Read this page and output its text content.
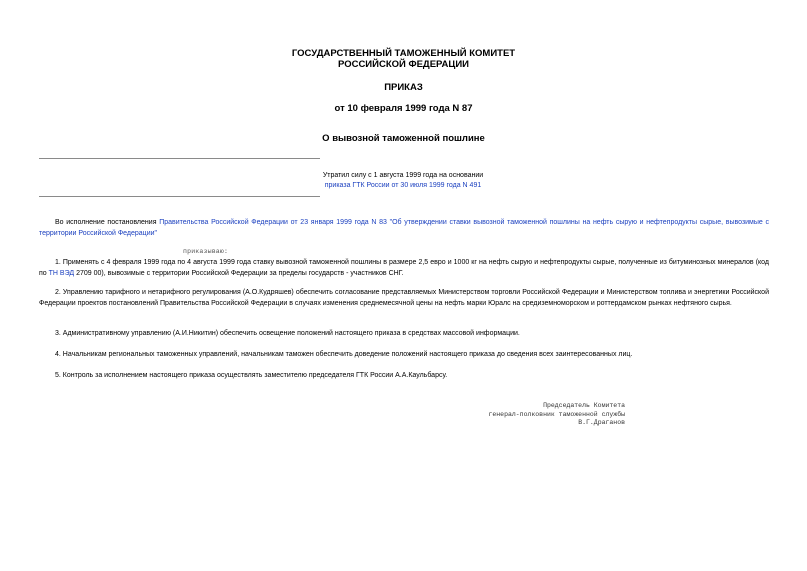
ГОСУДАРСТВЕННЫЙ ТАМОЖЕННЫЙ КОМИТЕТ
РОССИЙСКОЙ ФЕДЕРАЦИИ
ПРИКАЗ
от 10 февраля 1999 года N 87
О вывозной таможенной пошлине
Утратил силу с 1 августа 1999 года на основании
приказа ГТК России от 30 июля 1999 года N 491
Во исполнение постановления Правительства Российской Федерации от 23 января 1999 года N 83 "Об утверждении ставки вывозной таможенной пошлины на нефть сырую и нефтепродукты сырые, вывозимые с территории Российской Федерации"
приказываю:
1. Применять с 4 февраля 1999 года по 4 августа 1999 года ставку вывозной таможенной пошлины в размере 2,5 евро и 1000 кг на нефть сырую и нефтепродукты сырые, полученные из битуминозных минералов (код по ТН ВЭД 2709 00), вывозимые с территории Российской Федерации за пределы государств - участников СНГ.
2. Управлению тарифного и нетарифного регулирования (А.О.Кудряшев) обеспечить согласование представляемых Министерством торговли Российской Федерации и Министерством топлива и энергетики Российской Федерации проектов постановлений Правительства Российской Федерации в случаях изменения среднемесячной цены на нефть марки Юралс на средиземноморском и роттердамском рынках нефтяного сырья.
3. Административному управлению (А.И.Никитин) обеспечить освещение положений настоящего приказа в средствах массовой информации.
4. Начальникам региональных таможенных управлений, начальникам таможен обеспечить доведение положений настоящего приказа до сведения всех заинтересованных лиц.
5. Контроль за исполнением настоящего приказа осуществлять заместителю председателя ГТК России А.А.Каульбарсу.
Председатель Комитета
генерал-полковник таможенной службы
В.Г.Драганов
